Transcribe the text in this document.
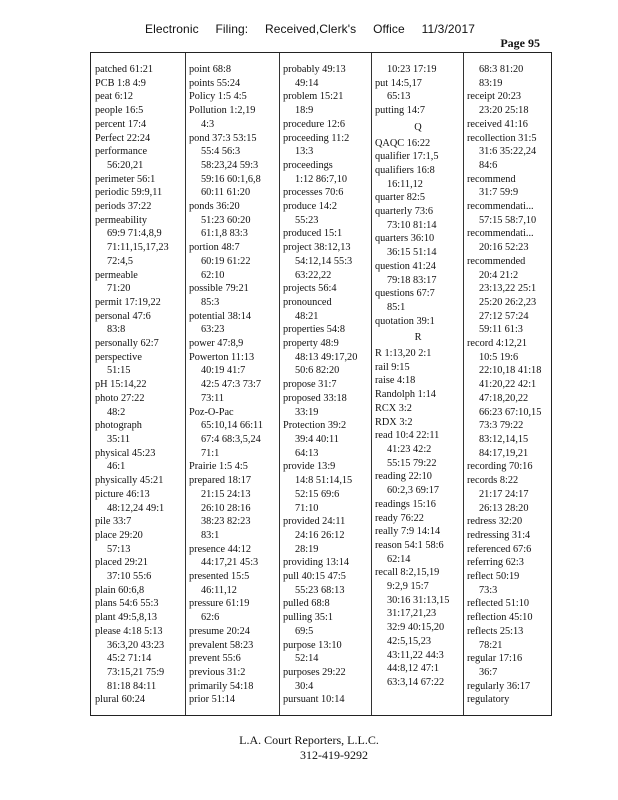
Electronic Filing: Received,Clerk's Office 11/3/2017
Page 95
patched 61:21
PCB 1:8 4:9
peat 6:12
people 16:5
percent 17:4
Perfect 22:24
performance
56:20,21
perimeter 56:1
periodic 59:9,11
periods 37:22
permeability
69:9 71:4,8,9
71:11,15,17,23
72:4,5
permeable
71:20
permit 17:19,22
personal 47:6
83:8
personally 62:7
perspective
51:15
pH 15:14,22
photo 27:22
48:2
photograph
35:11
physical 45:23
46:1
physically 45:21
picture 46:13
48:12,24 49:1
pile 33:7
place 29:20
57:13
placed 29:21
37:10 55:6
plain 60:6,8
plans 54:6 55:3
plant 49:5,8,13
please 4:18 5:13
36:3,20 43:23
45:2 71:14
73:15,21 75:9
81:18 84:11
plural 60:24
point 68:8
points 55:24
Policy 1:5 4:5
Pollution 1:2,19
4:3
pond 37:3 53:15
55:4 56:3
58:23,24 59:3
59:16 60:1,6,8
60:11 61:20
ponds 36:20
51:23 60:20
61:1,8 83:3
portion 48:7
60:19 61:22
62:10
possible 79:21
85:3
potential 38:14
63:23
power 47:8,9
Powerton 11:13
40:19 41:7
42:5 47:3 73:7
73:11
Poz-O-Pac
65:10,14 66:11
67:4 68:3,5,24
71:1
Prairie 1:5 4:5
prepared 18:17
21:15 24:13
26:10 28:16
38:23 82:23
83:1
presence 44:12
44:17,21 45:3
presented 15:5
46:11,12
pressure 61:19
62:6
presume 20:24
prevalent 58:23
prevent 55:6
previous 31:2
primarily 54:18
prior 51:14
probably 49:13
49:14
problem 15:21
18:9
procedure 12:6
proceeding 11:2
13:3
proceedings
1:12 86:7,10
processes 70:6
produce 14:2
55:23
produced 15:1
project 38:12,13
54:12,14 55:3
63:22,22
projects 56:4
pronounced
48:21
properties 54:8
property 48:9
48:13 49:17,20
50:6 82:20
propose 31:7
proposed 33:18
33:19
Protection 39:2
39:4 40:11
64:13
provide 13:9
14:8 51:14,15
52:15 69:6
71:10
provided 24:11
24:16 26:12
28:19
providing 13:14
pull 40:15 47:5
55:23 68:13
pulled 68:8
pulling 35:1
69:5
purpose 13:10
52:14
purposes 29:22
30:4
pursuant 10:14
10:23 17:19
put 14:5,17
65:13
putting 14:7
Q
QAQC 16:22
qualifier 17:1,5
qualifiers 16:8
16:11,12
quarter 82:5
quarterly 73:6
73:10 81:14
quarters 36:10
36:15 51:14
question 41:24
79:18 83:17
questions 67:7
85:1
quotation 39:1
R
R 1:13,20 2:1
rail 9:15
raise 4:18
Randolph 1:14
RCX 3:2
RDX 3:2
read 10:4 22:11
41:23 42:2
55:15 79:22
reading 22:10
60:2,3 69:17
readings 15:16
ready 76:22
really 7:9 14:14
reason 54:1 58:6
62:14
recall 8:2,15,19
9:2,9 15:7
30:16 31:13,15
31:17,21,23
32:9 40:15,20
42:5,15,23
43:11,22 44:3
44:8,12 47:1
63:3,14 67:22
68:3 81:20
83:19
receipt 20:23
23:20 25:18
received 41:16
recollection 31:5
31:6 35:22,24
84:6
recommend
31:7 59:9
recommendati...
57:15 58:7,10
recommendati...
20:16 52:23
recommended
20:4 21:2
23:13,22 25:1
25:20 26:2,23
27:12 57:24
59:11 61:3
record 4:12,21
10:5 19:6
22:10,18 41:18
41:20,22 42:1
47:18,20,22
66:23 67:10,15
73:3 79:22
83:12,14,15
84:17,19,21
recording 70:16
records 8:22
21:17 24:17
26:13 28:20
redress 32:20
redressing 31:4
referenced 67:6
referring 62:3
reflect 50:19
73:3
reflected 51:10
reflection 45:10
reflects 25:13
78:21
regular 17:16
36:7
regularly 36:17
regulatory
L.A. Court Reporters, L.L.C.
312-419-9292
